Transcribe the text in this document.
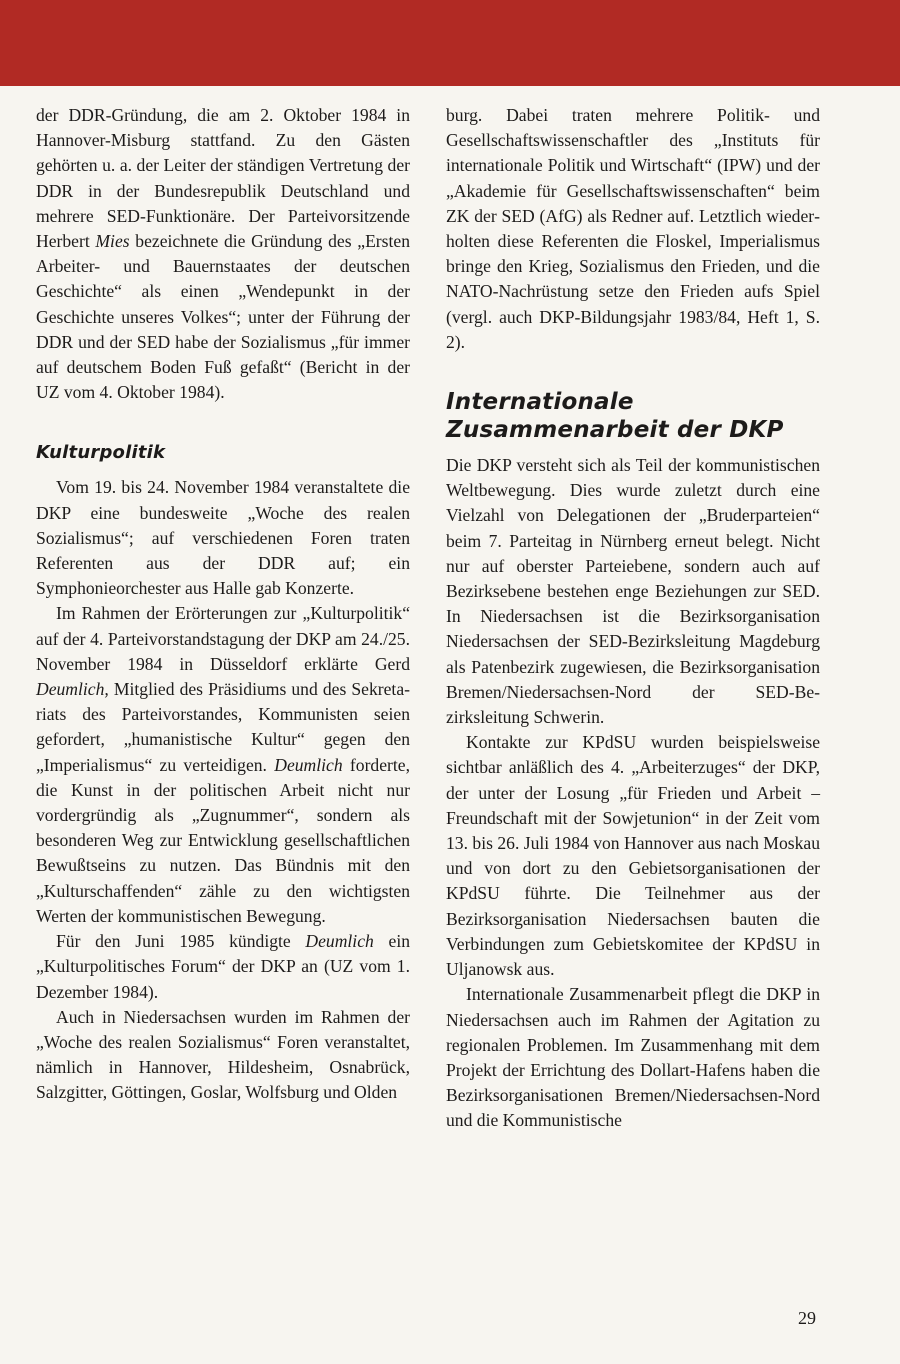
der DDR-Gründung, die am 2. Oktober 1984 in Hannover-Misburg stattfand. Zu den Gästen gehörten u. a. der Leiter der ständigen Vertretung der DDR in der Bundesrepublik Deutschland und mehrere SED-Funktionäre. Der Parteivorsitzende Herbert Mies bezeichnete die Gründung des „Ersten Arbeiter- und Bauernstaates der deutschen Geschichte“ als einen „Wendepunkt in der Geschichte unseres Volkes“; unter der Führung der DDR und der SED habe der Sozialismus „für immer auf deutschem Boden Fuß gefaßt“ (Bericht in der UZ vom 4. Oktober 1984).

Kulturpolitik

Vom 19. bis 24. November 1984 veranstaltete die DKP eine bundesweite „Woche des realen Sozialismus“; auf verschiedenen Foren traten Referenten aus der DDR auf; ein Symphonieorchester aus Halle gab Konzerte.

Im Rahmen der Erörterungen zur „Kulturpolitik“ auf der 4. Parteivorstandstagung der DKP am 24./25. November 1984 in Düsseldorf erklärte Gerd Deumlich, Mitglied des Präsidiums und des Sekretariats des Parteivorstandes, Kommunisten seien gefordert, „humanistische Kultur“ gegen den „Imperialismus“ zu verteidigen. Deumlich forderte, die Kunst in der politischen Arbeit nicht nur vordergründig als „Zugnummer“, sondern als besonderen Weg zur Entwicklung gesellschaftlichen Bewußtseins zu nutzen. Das Bündnis mit den „Kulturschaffenden“ zähle zu den wichtigsten Werten der kommunistischen Bewegung.

Für den Juni 1985 kündigte Deumlich ein „Kulturpolitisches Forum“ der DKP an (UZ vom 1. Dezember 1984).

Auch in Niedersachsen wurden im Rahmen der „Woche des realen Sozialismus“ Foren veranstaltet, nämlich in Hannover, Hildesheim, Osnabrück, Salzgitter, Göttingen, Goslar, Wolfsburg und Olden

burg. Dabei traten mehrere Politik- und Gesellschaftswissenschaftler des „Instituts für internationale Politik und Wirtschaft“ (IPW) und der „Akademie für Gesellschaftswissenschaften“ beim ZK der SED (AfG) als Redner auf. Letztlich wiederholten diese Referenten die Floskel, Imperialismus bringe den Krieg, Sozialismus den Frieden, und die NATO-Nachrüstung setze den Frieden aufs Spiel (vergl. auch DKP-Bildungsjahr 1983/84, Heft 1, S. 2).

Internationale
Zusammenarbeit der DKP

Die DKP versteht sich als Teil der kommunistischen Weltbewegung. Dies wurde zuletzt durch eine Vielzahl von Delegationen der „Bruderparteien“ beim 7. Parteitag in Nürnberg erneut belegt. Nicht nur auf oberster Parteiebene, sondern auch auf Bezirksebene bestehen enge Beziehungen zur SED. In Niedersachsen ist die Bezirksorganisation Niedersachsen der SED-Bezirksleitung Magdeburg als Patenbezirk zugewiesen, die Bezirksorganisation Bremen/Niedersachsen-Nord der SED-Bezirksleitung Schwerin.

Kontakte zur KPdSU wurden beispielsweise sichtbar anläßlich des 4. „Arbeiterzuges“ der DKP, der unter der Losung „für Frieden und Arbeit – Freundschaft mit der Sowjetunion“ in der Zeit vom 13. bis 26. Juli 1984 von Hannover aus nach Moskau und von dort zu den Gebietsorganisationen der KPdSU führte. Die Teilnehmer aus der Bezirksorganisation Niedersachsen bauten die Verbindungen zum Gebietskomitee der KPdSU in Uljanowsk aus.

Internationale Zusammenarbeit pflegt die DKP in Niedersachsen auch im Rahmen der Agitation zu regionalen Problemen. Im Zusammenhang mit dem Projekt der Errichtung des Dollart-Hafens haben die Bezirksorganisationen Bremen/Niedersachsen-Nord und die Kommunistische

29
